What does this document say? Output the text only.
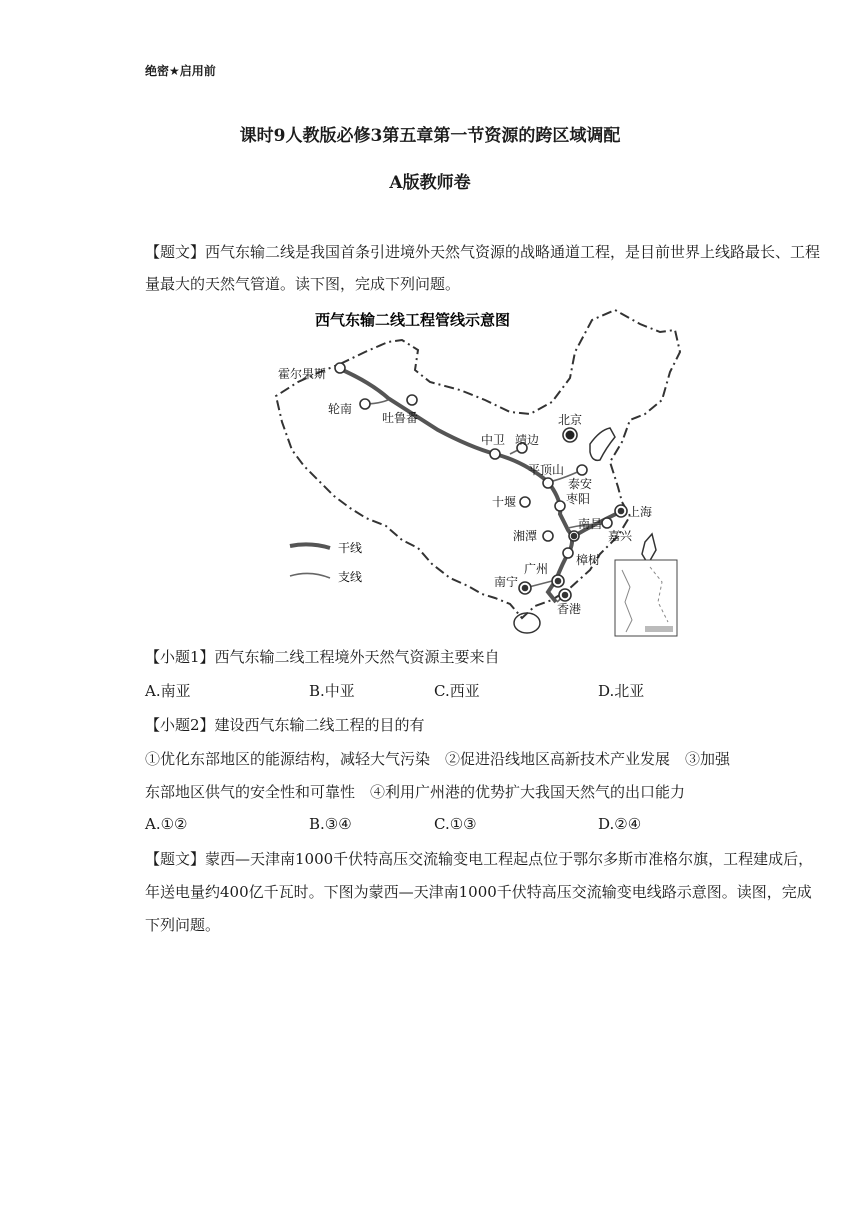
绝密★启用前
课时9人教版必修3第五章第一节资源的跨区域调配
A版教师卷
【题文】西气东输二线是我国首条引进境外天然气资源的战略通道工程，是目前世界上线路最长、工程量最大的天然气管道。读下图，完成下列问题。
西气东输二线工程管线示意图
霍尔果斯
轮南
吐鲁番	北京
中卫 靖边
平顶山
泰安
十堰	枣阳
上海
南昌
嘉兴
湘潭
樟树
广州
南宁
香港
干线
支线
【小题1】西气东输二线工程境外天然气资源主要来自
A.南亚	B.中亚	C.西亚	D.北亚
【小题2】建设西气东输二线工程的目的有
①优化东部地区的能源结构，减轻大气污染　②促进沿线地区高新技术产业发展　③加强
东部地区供气的安全性和可靠性　④利用广州港的优势扩大我国天然气的出口能力
A.①②	B.③④	C.①③	D.②④
【题文】蒙西—天津南1000千伏特高压交流输变电工程起点位于鄂尔多斯市准格尔旗，工程建成后，年送电量约400亿千瓦时。下图为蒙西—天津南1000千伏特高压交流输变电线路示意图。读图，完成下列问题。
